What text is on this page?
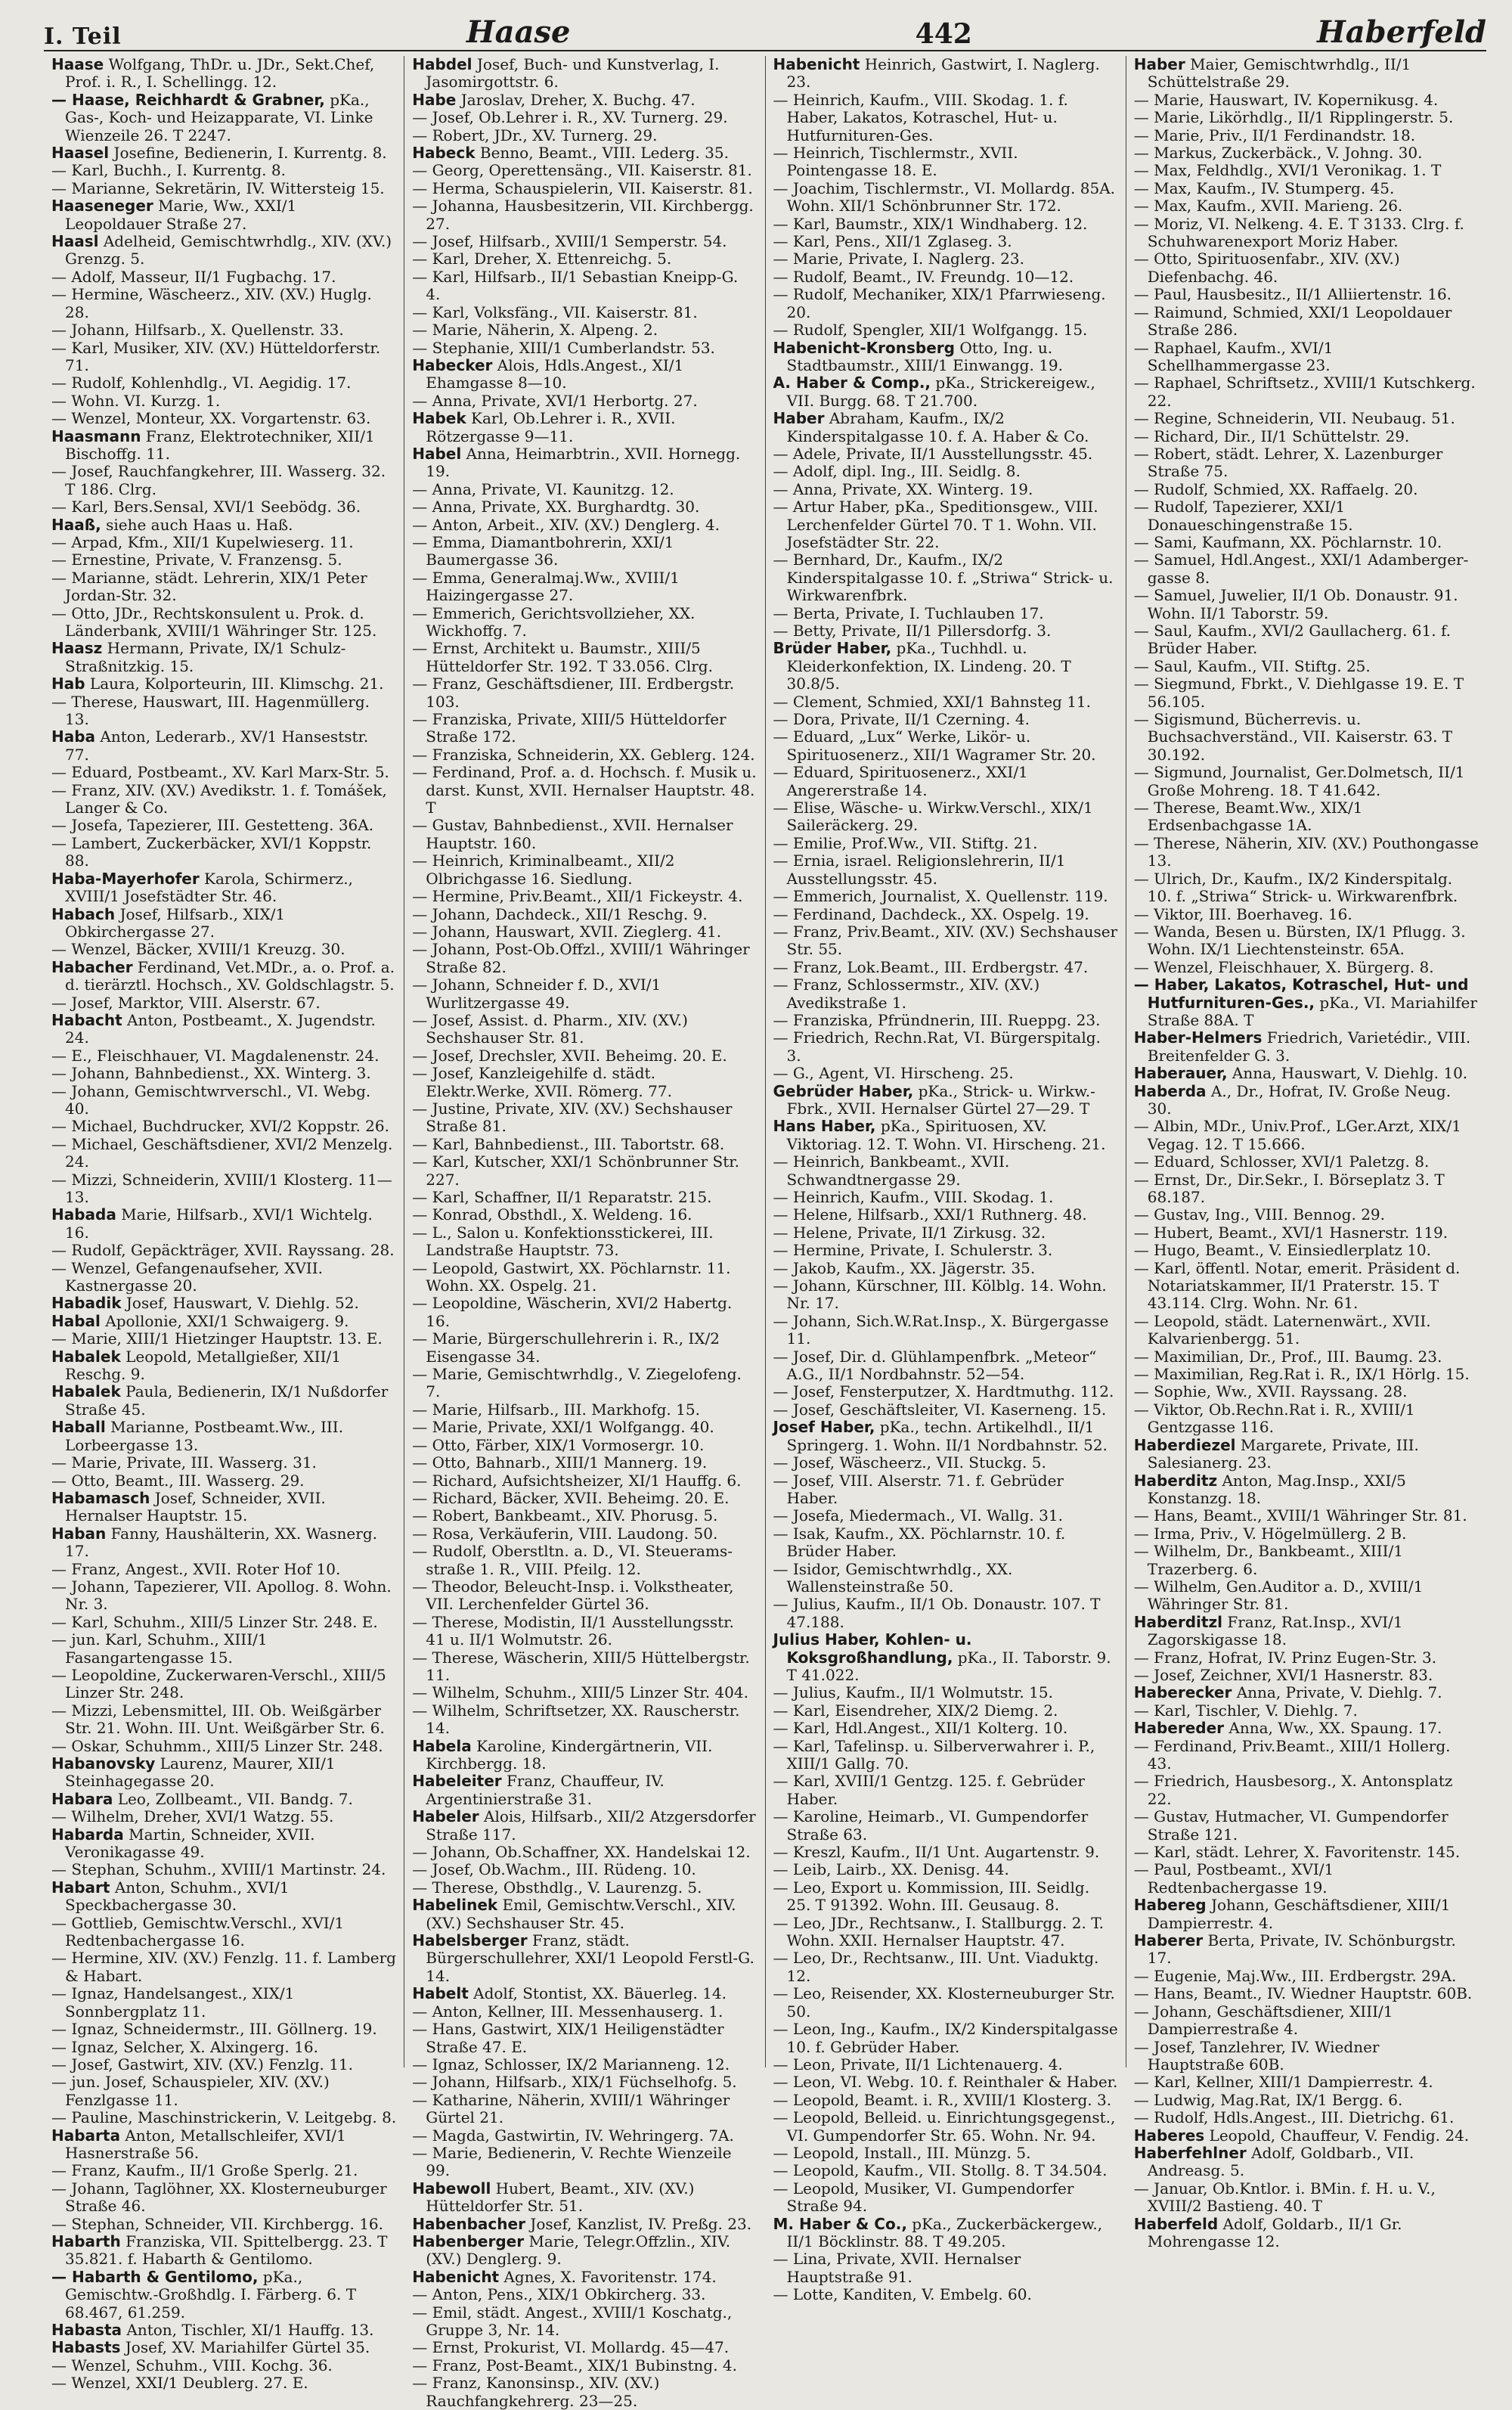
I. Teil	Haase	442	Haberfeld

Haase Wolfgang, ThDr. u. JDr., Sekt.Chef, Prof. i. R., I. Schellingg. 12.

— Haase, Reichhardt & Grabner, pKa., Gas-, Koch- und Heizapparate, VI. Linke Wienzeile 26. T 2247.

Haasel Josefine, Bedienerin, I. Kurrentg. 8.

— Karl, Buchh., I. Kurrentg. 8.

— Marianne, Sekretärin, IV. Wittersteig 15.

Haaseneger Marie, Ww., XXI/1 Leopoldauer Straße 27.

Haasl Adelheid, Gemischtwrhdlg., XIV. (XV.) Grenzg. 5.

— Adolf, Masseur, II/1 Fugbachg. 17.

— Hermine, Wäscheerz., XIV. (XV.) Huglg. 28.

— Johann, Hilfsarb., X. Quellenstr. 33.

— Karl, Musiker, XIV. (XV.) Hütteldorferstr. 71.

— Rudolf, Kohlenhdlg., VI. Aegidig. 17.

— Wohn. VI. Kurzg. 1.

— Wenzel, Monteur, XX. Vorgartenstr. 63.

Haasmann Franz, Elektrotechniker, XII/1 Bischoffg. 11.

— Josef, Rauchfangkehrer, III. Wasserg. 32. T 186. Clrg.

— Karl, Bers.Sensal, XVI/1 Seebödg. 36.

Haaß, siehe auch Haas u. Haß.

— Arpad, Kfm., XII/1 Kupelwieserg. 11.

— Ernestine, Private, V. Franzensg. 5.

— Marianne, städt. Lehrerin, XIX/1 Peter Jordan-Str. 32.

— Otto, JDr., Rechtskonsulent u. Prok. d. Länderbank, XVIII/1 Währinger Str. 125.

Haasz Hermann, Private, IX/1 Schulz-Straßnitzkig. 15.

Hab Laura, Kolporteurin, III. Klimschg. 21.

— Therese, Hauswart, III. Hagenmüllerg. 13.

Haba Anton, Lederarb., XV/1 Hanseststr. 77.

— Eduard, Postbeamt., XV. Karl Marx-Str. 5.

— Franz, XIV. (XV.) Avedikstr. 1. f. Tomášek, Langer & Co.

— Josefa, Tapezierer, III. Gestetteng. 36A.

— Lambert, Zuckerbäcker, XVI/1 Koppstr. 88.

Haba-Mayerhofer Karola, Schirmerz., XVIII/1 Josefstädter Str. 46.

Habach Josef, Hilfsarb., XIX/1 Obkirchergasse 27.

— Wenzel, Bäcker, XVIII/1 Kreuzg. 30.

Habacher Ferdinand, Vet.MDr., a. o. Prof. a. d. tierärztl. Hochsch., XV. Goldschlagstr. 5.

— Josef, Marktor, VIII. Alserstr. 67.

Habacht Anton, Postbeamt., X. Jugendstr. 24.

— E., Fleischhauer, VI. Magdalenenstr. 24.

— Johann, Bahnbedienst., XX. Winterg. 3.

— Johann, Gemischtwrverschl., VI. Webg. 40.

— Michael, Buchdrucker, XVI/2 Koppstr. 26.

— Michael, Geschäftsdiener, XVI/2 Menzelg. 24.

— Mizzi, Schneiderin, XVIII/1 Klosterg. 11—13.

Habada Marie, Hilfsarb., XVI/1 Wichtelg. 16.

— Rudolf, Gepäckträger, XVII. Rayssang. 28.

— Wenzel, Gefangenaufseher, XVII. Kastnergasse 20.

Habadik Josef, Hauswart, V. Diehlg. 52.

Habal Apollonie, XXI/1 Schwaigerg. 9.

— Marie, XIII/1 Hietzinger Hauptstr. 13. E.

Habalek Leopold, Metallgießer, XII/1 Reschg. 9.

Habalek Paula, Bedienerin, IX/1 Nußdorfer Straße 45.

Haball Marianne, Postbeamt.Ww., III. Lorbeergasse 13.

— Marie, Private, III. Wasserg. 31.

— Otto, Beamt., III. Wasserg. 29.

Habamasch Josef, Schneider, XVII. Hernalser Hauptstr. 15.

Haban Fanny, Haushälterin, XX. Wasnerg. 17.

— Franz, Angest., XVII. Roter Hof 10.

— Johann, Tapezierer, VII. Apollog. 8. Wohn. Nr. 3.

— Karl, Schuhm., XIII/5 Linzer Str. 248. E.

— jun. Karl, Schuhm., XIII/1 Fasangartengasse 15.

— Leopoldine, Zuckerwaren-Verschl., XIII/5 Linzer Str. 248.

— Mizzi, Lebensmittel, III. Ob. Weißgärber Str. 21. Wohn. III. Unt. Weißgärber Str. 6.

— Oskar, Schuhmm., XIII/5 Linzer Str. 248.

Habanovsky Laurenz, Maurer, XII/1 Steinhagegasse 20.

Habara Leo, Zollbeamt., VII. Bandg. 7.

— Wilhelm, Dreher, XVI/1 Watzg. 55.

Habarda Martin, Schneider, XVII. Veronikagasse 49.

— Stephan, Schuhm., XVIII/1 Martinstr. 24.

Habart Anton, Schuhm., XVI/1 Speckbachergasse 30.

— Gottlieb, Gemischtw.Verschl., XVI/1 Redtenbachergasse 16.

— Hermine, XIV. (XV.) Fenzlg. 11. f. Lamberg & Habart.

— Ignaz, Handelsangest., XIX/1 Sonnbergplatz 11.

— Ignaz, Schneidermstr., III. Göllnerg. 19.

— Ignaz, Selcher, X. Alxingerg. 16.

— Josef, Gastwirt, XIV. (XV.) Fenzlg. 11.

— jun. Josef, Schauspieler, XIV. (XV.) Fenzlgasse 11.

— Pauline, Maschinstrickerin, V. Leitgebg. 8.

Habarta Anton, Metallschleifer, XVI/1 Hasnerstraße 56.

— Franz, Kaufm., II/1 Große Sperlg. 21.

— Johann, Taglöhner, XX. Klosterneuburger Straße 46.

— Stephan, Schneider, VII. Kirchbergg. 16.

Habarth Franziska, VII. Spittelbergg. 23. T 35.821. f. Habarth & Gentilomo.

— Habarth & Gentilomo, pKa., Gemischtw.-Großhdlg. I. Färberg. 6. T 68.467, 61.259.

Habasta Anton, Tischler, XI/1 Hauffg. 13.

Habasts Josef, XV. Mariahilfer Gürtel 35.

— Wenzel, Schuhm., VIII. Kochg. 36.

— Wenzel, XXI/1 Deublerg. 27. E.

Habdel Josef, Buch- und Kunstverlag, I. Jasomirgottstr. 6.

Habe Jaroslav, Dreher, X. Buchg. 47.

— Josef, Ob.Lehrer i. R., XV. Turnerg. 29.

— Robert, JDr., XV. Turnerg. 29.

Habeck Benno, Beamt., VIII. Lederg. 35.

— Georg, Operettensäng., VII. Kaiserstr. 81.

— Herma, Schauspielerin, VII. Kaiserstr. 81.

— Johanna, Hausbesitzerin, VII. Kirchbergg. 27.

— Josef, Hilfsarb., XVIII/1 Semperstr. 54.

— Karl, Dreher, X. Ettenreichg. 5.

— Karl, Hilfsarb., II/1 Sebastian Kneipp-G. 4.

— Karl, Volksfäng., VII. Kaiserstr. 81.

— Marie, Näherin, X. Alpeng. 2.

— Stephanie, XIII/1 Cumberlandstr. 53.

Habecker Alois, Hdls.Angest., XI/1 Ehamgasse 8—10.

— Anna, Private, XVI/1 Herbortg. 27.

Habek Karl, Ob.Lehrer i. R., XVII. Rötzergasse 9—11.

Habel Anna, Heimarbtrin., XVII. Hornegg. 19.

— Anna, Private, VI. Kaunitzg. 12.

— Anna, Private, XX. Burghardtg. 30.

— Anton, Arbeit., XIV. (XV.) Denglerg. 4.

— Emma, Diamantbohrerin, XXI/1 Baumergasse 36.

— Emma, Generalmaj.Ww., XVIII/1 Haizingergasse 27.

— Emmerich, Gerichtsvollzieher, XX. Wickhoffg. 7.

— Ernst, Architekt u. Baumstr., XIII/5 Hütteldorfer Str. 192. T 33.056. Clrg.

— Franz, Geschäftsdiener, III. Erdbergstr. 103.

— Franziska, Private, XIII/5 Hütteldorfer Straße 172.

— Franziska, Schneiderin, XX. Geblerg. 124.

— Ferdinand, Prof. a. d. Hochsch. f. Musik u. darst. Kunst, XVII. Hernalser Hauptstr. 48. T

— Gustav, Bahnbedienst., XVII. Hernalser Hauptstr. 160.

— Heinrich, Kriminalbeamt., XII/2 Olbrichgasse 16. Siedlung.

— Hermine, Priv.Beamt., XII/1 Fickeystr. 4.

— Johann, Dachdeck., XII/1 Reschg. 9.

— Johann, Hauswart, XVII. Zieglerg. 41.

— Johann, Post-Ob.Offzl., XVIII/1 Währinger Straße 82.

— Johann, Schneider f. D., XVI/1 Wurlitzergasse 49.

— Josef, Assist. d. Pharm., XIV. (XV.) Sechshauser Str. 81.

— Josef, Drechsler, XVII. Beheimg. 20. E.

— Josef, Kanzleigehilfe d. städt. Elektr.Werke, XVII. Römerg. 77.

— Justine, Private, XIV. (XV.) Sechshauser Straße 81.

— Karl, Bahnbedienst., III. Tabortstr. 68.

— Karl, Kutscher, XXI/1 Schönbrunner Str. 227.

— Karl, Schaffner, II/1 Reparatstr. 215.

— Konrad, Obsthdl., X. Weldeng. 16.

— L., Salon u. Konfektionsstickerei, III. Landstraße Hauptstr. 73.

— Leopold, Gastwirt, XX. Pöchlarnstr. 11. Wohn. XX. Ospelg. 21.

— Leopoldine, Wäscherin, XVI/2 Habertg. 16.

— Marie, Bürgerschullehrerin i. R., IX/2 Eisengasse 34.

— Marie, Gemischtwrhdlg., V. Ziegelofeng. 7.

— Marie, Hilfsarb., III. Markhofg. 15.

— Marie, Private, XXI/1 Wolfgangg. 40.

— Otto, Färber, XIX/1 Vormosergr. 10.

— Otto, Bahnarb., XIII/1 Mannerg. 19.

— Richard, Aufsichtsheizer, XI/1 Hauffg. 6.

— Richard, Bäcker, XVII. Beheimg. 20. E.

— Robert, Bankbeamt., XIV. Phorusg. 5.

— Rosa, Verkäuferin, VIII. Laudong. 50.

— Rudolf, Oberstltn. a. D., VI. Steuerams-straße 1. R., VIII. Pfeilg. 12.

— Theodor, Beleucht-Insp. i. Volkstheater, VII. Lerchenfelder Gürtel 36.

— Therese, Modistin, II/1 Ausstellungsstr. 41 u. II/1 Wolmutstr. 26.

— Therese, Wäscherin, XIII/5 Hüttelbergstr. 11.

— Wilhelm, Schuhm., XIII/5 Linzer Str. 404.

— Wilhelm, Schriftsetzer, XX. Rauscherstr. 14.

Habela Karoline, Kindergärtnerin, VII. Kirchbergg. 18.

Habeleiter Franz, Chauffeur, IV. Argentinierstraße 31.

Habeler Alois, Hilfsarb., XII/2 Atzgersdorfer Straße 117.

— Johann, Ob.Schaffner, XX. Handelskai 12.

— Josef, Ob.Wachm., III. Rüdeng. 10.

— Therese, Obsthdlg., V. Laurenzg. 5.

Habelinek Emil, Gemischtw.Verschl., XIV. (XV.) Sechshauser Str. 45.

Habelsberger Franz, städt. Bürgerschullehrer, XXI/1 Leopold Ferstl-G. 14.

Habelt Adolf, Stontist, XX. Bäuerleg. 14.

— Anton, Kellner, III. Messenhauserg. 1.

— Hans, Gastwirt, XIX/1 Heiligenstädter Straße 47. E.

— Ignaz, Schlosser, IX/2 Marianneng. 12.

— Johann, Hilfsarb., XIX/1 Füchselhofg. 5.

— Katharine, Näherin, XVIII/1 Währinger Gürtel 21.

— Magda, Gastwirtin, IV. Wehringerg. 7A.

— Marie, Bedienerin, V. Rechte Wienzeile 99.

Habewoll Hubert, Beamt., XIV. (XV.) Hütteldorfer Str. 51.

Habenbacher Josef, Kanzlist, IV. Preßg. 23.

Habenberger Marie, Telegr.Offzlin., XIV. (XV.) Denglerg. 9.

Habenicht Agnes, X. Favoritenstr. 174.

— Anton, Pens., XIX/1 Obkircherg. 33.

— Emil, städt. Angest., XVIII/1 Koschatg., Gruppe 3, Nr. 14.

— Ernst, Prokurist, VI. Mollardg. 45—47.

— Franz, Post-Beamt., XIX/1 Bubinstng. 4.

— Franz, Kanonsinsp., XIV. (XV.) Rauchfangkehrerg. 23—25.

Habenicht Heinrich, Gastwirt, I. Naglerg. 23.

— Heinrich, Kaufm., VIII. Skodag. 1. f. Haber, Lakatos, Kotraschel, Hut- u. Hutfurnituren-Ges.

— Heinrich, Tischlermstr., XVII. Pointengasse 18. E.

— Joachim, Tischlermstr., VI. Mollardg. 85A. Wohn. XII/1 Schönbrunner Str. 172.

— Karl, Baumstr., XIX/1 Windhaberg. 12.

— Karl, Pens., XII/1 Zglaseg. 3.

— Marie, Private, I. Naglerg. 23.

— Rudolf, Beamt., IV. Freundg. 10—12.

— Rudolf, Mechaniker, XIX/1 Pfarrwieseng. 20.

— Rudolf, Spengler, XII/1 Wolfgangg. 15.

Habenicht-Kronsberg Otto, Ing. u. Stadtbaumstr., XIII/1 Einwangg. 19.

A. Haber & Comp., pKa., Strickereigew., VII. Burgg. 68. T 21.700.

Haber Abraham, Kaufm., IX/2 Kinderspitalgasse 10. f. A. Haber & Co.

— Adele, Private, II/1 Ausstellungsstr. 45.

— Adolf, dipl. Ing., III. Seidlg. 8.

— Anna, Private, XX. Winterg. 19.

— Artur Haber, pKa., Speditionsgew., VIII. Lerchenfelder Gürtel 70. T 1. Wohn. VII. Josefstädter Str. 22.

— Bernhard, Dr., Kaufm., IX/2 Kinderspitalgasse 10. f. „Striwa“ Strick- u. Wirkwarenfbrk.

— Berta, Private, I. Tuchlauben 17.

— Betty, Private, II/1 Pillersdorfg. 3.

Brüder Haber, pKa., Tuchhdl. u. Kleiderkonfektion, IX. Lindeng. 20. T 30.8/5.

— Clement, Schmied, XXI/1 Bahnsteg 11.

— Dora, Private, II/1 Czerning. 4.

— Eduard, „Lux“ Werke, Likör- u. Spirituosenerz., XII/1 Wagramer Str. 20.

— Eduard, Spirituosenerz., XXI/1 Angererstraße 14.

— Elise, Wäsche- u. Wirkw.Verschl., XIX/1 Saileräckerg. 29.

— Emilie, Prof.Ww., VII. Stiftg. 21.

— Ernia, israel. Religionslehrerin, II/1 Ausstellungsstr. 45.

— Emmerich, Journalist, X. Quellenstr. 119.

— Ferdinand, Dachdeck., XX. Ospelg. 19.

— Franz, Priv.Beamt., XIV. (XV.) Sechshauser Str. 55.

— Franz, Lok.Beamt., III. Erdbergstr. 47.

— Franz, Schlossermstr., XIV. (XV.) Avedikstraße 1.

— Franziska, Pfründnerin, III. Rueppg. 23.

— Friedrich, Rechn.Rat, VI. Bürgerspitalg. 3.

— G., Agent, VI. Hirscheng. 25.

Gebrüder Haber, pKa., Strick- u. Wirkw.-Fbrk., XVII. Hernalser Gürtel 27—29. T

Hans Haber, pKa., Spirituosen, XV. Viktoriag. 12. T. Wohn. VI. Hirscheng. 21.

— Heinrich, Bankbeamt., XVII. Schwandtnergasse 29.

— Heinrich, Kaufm., VIII. Skodag. 1.

— Helene, Hilfsarb., XXI/1 Ruthnerg. 48.

— Helene, Private, II/1 Zirkusg. 32.

— Hermine, Private, I. Schulerstr. 3.

— Jakob, Kaufm., XX. Jägerstr. 35.

— Johann, Kürschner, III. Kölblg. 14. Wohn. Nr. 17.

— Johann, Sich.W.Rat.Insp., X. Bürgergasse 11.

— Josef, Dir. d. Glühlampenfbrk. „Meteor“ A.G., II/1 Nordbahnstr. 52—54.

— Josef, Fensterputzer, X. Hardtmuthg. 112.

— Josef, Geschäftsleiter, VI. Kaserneng. 15.

Josef Haber, pKa., techn. Artikelhdl., II/1 Springerg. 1. Wohn. II/1 Nordbahnstr. 52.

— Josef, Wäscheerz., VII. Stuckg. 5.

— Josef, VIII. Alserstr. 71. f. Gebrüder Haber.

— Josefa, Miedermach., VI. Wallg. 31.

— Isak, Kaufm., XX. Pöchlarnstr. 10. f. Brüder Haber.

— Isidor, Gemischtwrhdlg., XX. Wallensteinstraße 50.

— Julius, Kaufm., II/1 Ob. Donaustr. 107. T 47.188.

Julius Haber, Kohlen- u. Koksgroßhandlung, pKa., II. Taborstr. 9. T 41.022.

— Julius, Kaufm., II/1 Wolmutstr. 15.

— Karl, Eisendreher, XIX/2 Diemg. 2.

— Karl, Hdl.Angest., XII/1 Kolterg. 10.

— Karl, Tafelinsp. u. Silberverwahrer i. P., XIII/1 Gallg. 70.

— Karl, XVIII/1 Gentzg. 125. f. Gebrüder Haber.

— Karoline, Heimarb., VI. Gumpendorfer Straße 63.

— Kreszl, Kaufm., II/1 Unt. Augartenstr. 9.

— Leib, Lairb., XX. Denisg. 44.

— Leo, Export u. Kommission, III. Seidlg. 25. T 91392. Wohn. III. Geusaug. 8.

— Leo, JDr., Rechtsanw., I. Stallburgg. 2. T. Wohn. XXII. Hernalser Hauptstr. 47.

— Leo, Dr., Rechtsanw., III. Unt. Viaduktg. 12.

— Leo, Reisender, XX. Klosterneuburger Str. 50.

— Leon, Ing., Kaufm., IX/2 Kinderspitalgasse 10. f. Gebrüder Haber.

— Leon, Private, II/1 Lichtenauerg. 4.

— Leon, VI. Webg. 10. f. Reinthaler & Haber.

— Leopold, Beamt. i. R., XVIII/1 Klosterg. 3.

— Leopold, Belleid. u. Einrichtungsgegenst., VI. Gumpendorfer Str. 65. Wohn. Nr. 94.

— Leopold, Install., III. Münzg. 5.

— Leopold, Kaufm., VII. Stollg. 8. T 34.504.

— Leopold, Musiker, VI. Gumpendorfer Straße 94.

M. Haber & Co., pKa., Zuckerbäckergew., II/1 Böcklinstr. 88. T 49.205.

— Lina, Private, XVII. Hernalser Hauptstraße 91.

— Lotte, Kanditen, V. Embelg. 60.

Haber Maier, Gemischtwrhdlg., II/1 Schüttelstraße 29.

— Marie, Hauswart, IV. Kopernikusg. 4.

— Marie, Likörhdlg., II/1 Ripplingerstr. 5.

— Marie, Priv., II/1 Ferdinandstr. 18.

— Markus, Zuckerbäck., V. Johng. 30.

— Max, Feldhdlg., XVI/1 Veronikag. 1. T

— Max, Kaufm., IV. Stumperg. 45.

— Max, Kaufm., XVII. Marieng. 26.

— Moriz, VI. Nelkeng. 4. E. T 3133. Clrg. f. Schuhwarenexport Moriz Haber.

— Otto, Spirituosenfabr., XIV. (XV.) Diefenbachg. 46.

— Paul, Hausbesitz., II/1 Alliiertenstr. 16.

— Raimund, Schmied, XXI/1 Leopoldauer Straße 286.

— Raphael, Kaufm., XVI/1 Schellhammergasse 23.

— Raphael, Schriftsetz., XVIII/1 Kutschkerg. 22.

— Regine, Schneiderin, VII. Neubaug. 51.

— Richard, Dir., II/1 Schüttelstr. 29.

— Robert, städt. Lehrer, X. Lazenburger Straße 75.

— Rudolf, Schmied, XX. Raffaelg. 20.

— Rudolf, Tapezierer, XXI/1 Donaueschingenstraße 15.

— Sami, Kaufmann, XX. Pöchlarnstr. 10.

— Samuel, Hdl.Angest., XXI/1 Adamberger-gasse 8.

— Samuel, Juwelier, II/1 Ob. Donaustr. 91. Wohn. II/1 Taborstr. 59.

— Saul, Kaufm., XVI/2 Gaullacherg. 61. f. Brüder Haber.

— Saul, Kaufm., VII. Stiftg. 25.

— Siegmund, Fbrkt., V. Diehlgasse 19. E. T 56.105.

— Sigismund, Bücherrevis. u. Buchsachverständ., VII. Kaiserstr. 63. T 30.192.

— Sigmund, Journalist, Ger.Dolmetsch, II/1 Große Mohreng. 18. T 41.642.

— Therese, Beamt.Ww., XIX/1 Erdsenbachgasse 1A.

— Therese, Näherin, XIV. (XV.) Pouthongasse 13.

— Ulrich, Dr., Kaufm., IX/2 Kinderspitalg. 10. f. „Striwa“ Strick- u. Wirkwarenfbrk.

— Viktor, III. Boerhaveg. 16.

— Wanda, Besen u. Bürsten, IX/1 Pflugg. 3. Wohn. IX/1 Liechtensteinstr. 65A.

— Wenzel, Fleischhauer, X. Bürgerg. 8.

— Haber, Lakatos, Kotraschel, Hut- und Hutfurnituren-Ges., pKa., VI. Mariahilfer Straße 88A. T

Haber-Helmers Friedrich, Varietédir., VIII. Breitenfelder G. 3.

Haberauer, Anna, Hauswart, V. Diehlg. 10.

Haberda A., Dr., Hofrat, IV. Große Neug. 30.

— Albin, MDr., Univ.Prof., LGer.Arzt, XIX/1 Vegag. 12. T 15.666.

— Eduard, Schlosser, XVI/1 Paletzg. 8.

— Ernst, Dr., Dir.Sekr., I. Börseplatz 3. T 68.187.

— Gustav, Ing., VIII. Bennog. 29.

— Hubert, Beamt., XVI/1 Hasnerstr. 119.

— Hugo, Beamt., V. Einsiedlerplatz 10.

— Karl, öffentl. Notar, emerit. Präsident d. Notariatskammer, II/1 Praterstr. 15. T 43.114. Clrg. Wohn. Nr. 61.

— Leopold, städt. Laternenwärt., XVII. Kalvarienbergg. 51.

— Maximilian, Dr., Prof., III. Baumg. 23.

— Maximilian, Reg.Rat i. R., IX/1 Hörlg. 15.

— Sophie, Ww., XVII. Rayssang. 28.

— Viktor, Ob.Rechn.Rat i. R., XVIII/1 Gentzgasse 116.

Haberdiezel Margarete, Private, III. Salesianerg. 23.

Haberditz Anton, Mag.Insp., XXI/5 Konstanzg. 18.

— Hans, Beamt., XVIII/1 Währinger Str. 81.

— Irma, Priv., V. Högelmüllerg. 2 B.

— Wilhelm, Dr., Bankbeamt., XIII/1 Trazerberg. 6.

— Wilhelm, Gen.Auditor a. D., XVIII/1 Währinger Str. 81.

Haberditzl Franz, Rat.Insp., XVI/1 Zagorskigasse 18.

— Franz, Hofrat, IV. Prinz Eugen-Str. 3.

— Josef, Zeichner, XVI/1 Hasnerstr. 83.

Haberecker Anna, Private, V. Diehlg. 7.

— Karl, Tischler, V. Diehlg. 7.

Habereder Anna, Ww., XX. Spaung. 17.

— Ferdinand, Priv.Beamt., XIII/1 Hollerg. 43.

— Friedrich, Hausbesorg., X. Antonsplatz 22.

— Gustav, Hutmacher, VI. Gumpendorfer Straße 121.

— Karl, städt. Lehrer, X. Favoritenstr. 145.

— Paul, Postbeamt., XVI/1 Redtenbachergasse 19.

Habereg Johann, Geschäftsdiener, XIII/1 Dampierrestr. 4.

Haberer Berta, Private, IV. Schönburgstr. 17.

— Eugenie, Maj.Ww., III. Erdbergstr. 29A.

— Hans, Beamt., IV. Wiedner Hauptstr. 60B.

— Johann, Geschäftsdiener, XIII/1 Dampierrestraße 4.

— Josef, Tanzlehrer, IV. Wiedner Hauptstraße 60B.

— Karl, Kellner, XIII/1 Dampierrestr. 4.

— Ludwig, Mag.Rat, IX/1 Bergg. 6.

— Rudolf, Hdls.Angest., III. Dietrichg. 61.

Haberes Leopold, Chauffeur, V. Fendig. 24.

Haberfehlner Adolf, Goldbarb., VII. Andreasg. 5.

— Januar, Ob.Kntlor. i. BMin. f. H. u. V., XVIII/2 Bastieng. 40. T

Haberfeld Adolf, Goldarb., II/1 Gr. Mohrengasse 12.
